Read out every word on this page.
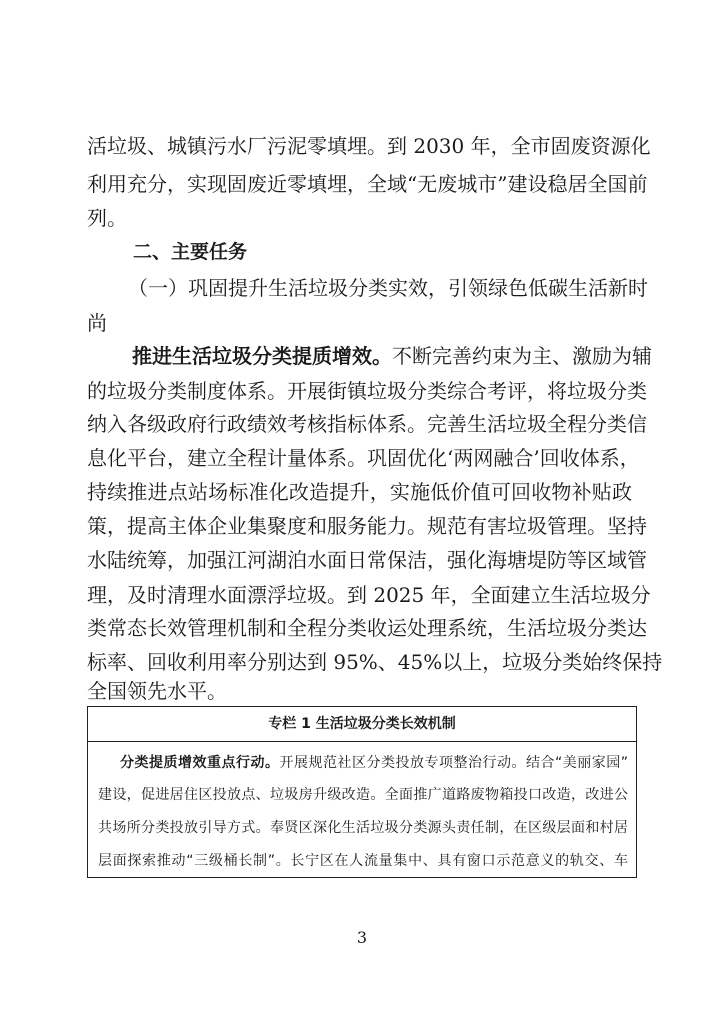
活垃圾、城镇污水厂污泥零填埋。到 2030 年，全市固废资源化
利用充分，实现固废近零填埋，全域“无废城市”建设稳居全国前
列。
二、主要任务
（一）巩固提升生活垃圾分类实效，引领绿色低碳生活新时
尚
推进生活垃圾分类提质增效。不断完善约束为主、激励为辅
的垃圾分类制度体系。开展街镇垃圾分类综合考评，将垃圾分类
纳入各级政府行政绩效考核指标体系。完善生活垃圾全程分类信
息化平台，建立全程计量体系。巩固优化‘两网融合’回收体系，
持续推进点站场标准化改造提升，实施低价值可回收物补贴政
策，提高主体企业集聚度和服务能力。规范有害垃圾管理。坚持
水陆统筹，加强江河湖泊水面日常保洁，强化海塘堤防等区域管
理，及时清理水面漂浮垃圾。到 2025 年，全面建立生活垃圾分
类常态长效管理机制和全程分类收运处理系统，生活垃圾分类达
标率、回收利用率分别达到 95%、45%以上，垃圾分类始终保持
全国领先水平。
专栏 1 生活垃圾分类长效机制
分类提质增效重点行动。开展规范社区分类投放专项整治行动。结合“美丽家园”
建设，促进居住区投放点、垃圾房升级改造。全面推广道路废物箱投口改造，改进公
共场所分类投放引导方式。奉贤区深化生活垃圾分类源头责任制，在区级层面和村居
层面探索推动“三级桶长制”。长宁区在人流量集中、具有窗口示范意义的轨交、车
3
